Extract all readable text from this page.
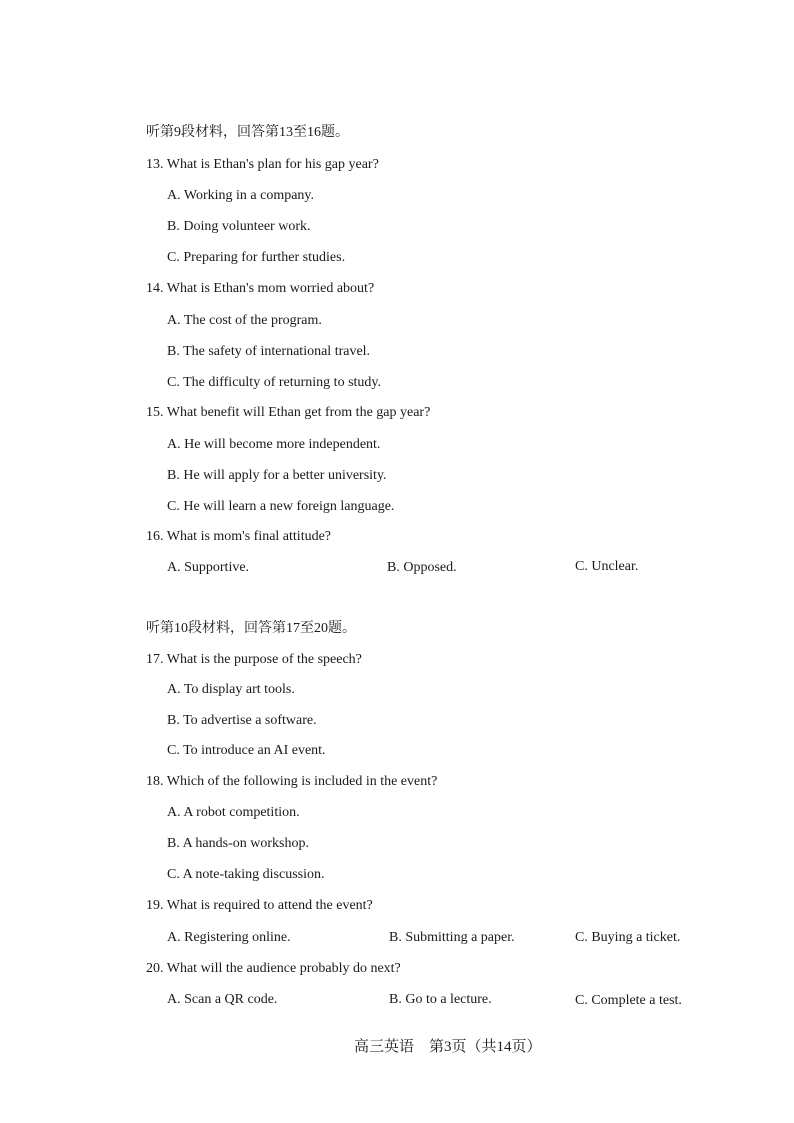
听第9段材料，回答第13至16题。
13. What is Ethan's plan for his gap year?
A. Working in a company.
B. Doing volunteer work.
C. Preparing for further studies.
14. What is Ethan's mom worried about?
A. The cost of the program.
B. The safety of international travel.
C. The difficulty of returning to study.
15. What benefit will Ethan get from the gap year?
A. He will become more independent.
B. He will apply for a better university.
C. He will learn a new foreign language.
16. What is mom's final attitude?
A. Supportive.	B. Opposed.	C. Unclear.
听第10段材料，回答第17至20题。
17. What is the purpose of the speech?
A. To display art tools.
B. To advertise a software.
C. To introduce an AI event.
18. Which of the following is included in the event?
A. A robot competition.
B. A hands-on workshop.
C. A note-taking discussion.
19. What is required to attend the event?
A. Registering online.	B. Submitting a paper.	C. Buying a ticket.
20. What will the audience probably do next?
A. Scan a QR code.	B. Go to a lecture.	C. Complete a test.
高三英语　第3页（共14页）
